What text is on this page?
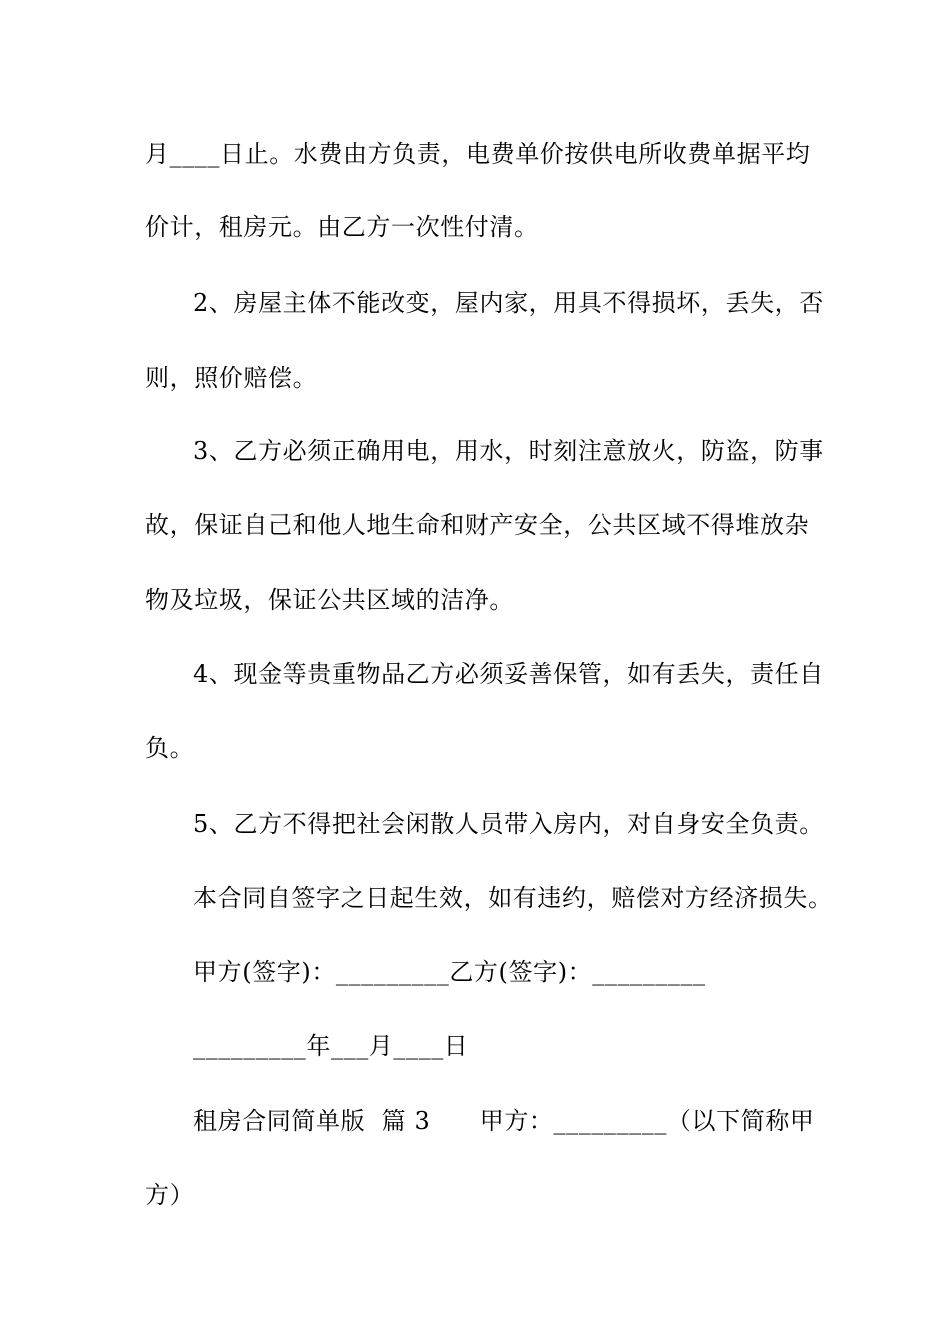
月____日止。水费由方负责，电费单价按供电所收费单据平均

价计，租房元。由乙方一次性付清。

2、房屋主体不能改变，屋内家，用具不得损坏，丢失，否

则，照价赔偿。

3、乙方必须正确用电，用水，时刻注意放火，防盗，防事

故，保证自己和他人地生命和财产安全，公共区域不得堆放杂

物及垃圾，保证公共区域的洁净。

4、现金等贵重物品乙方必须妥善保管，如有丢失，责任自

负。

5、乙方不得把社会闲散人员带入房内，对自身安全负责。

本合同自签字之日起生效，如有违约，赔偿对方经济损失。

甲方(签字)：_________乙方(签字)：_________

_________年___月____日

租房合同简单版  篇 3      甲方：_________（以下简称甲

方）
